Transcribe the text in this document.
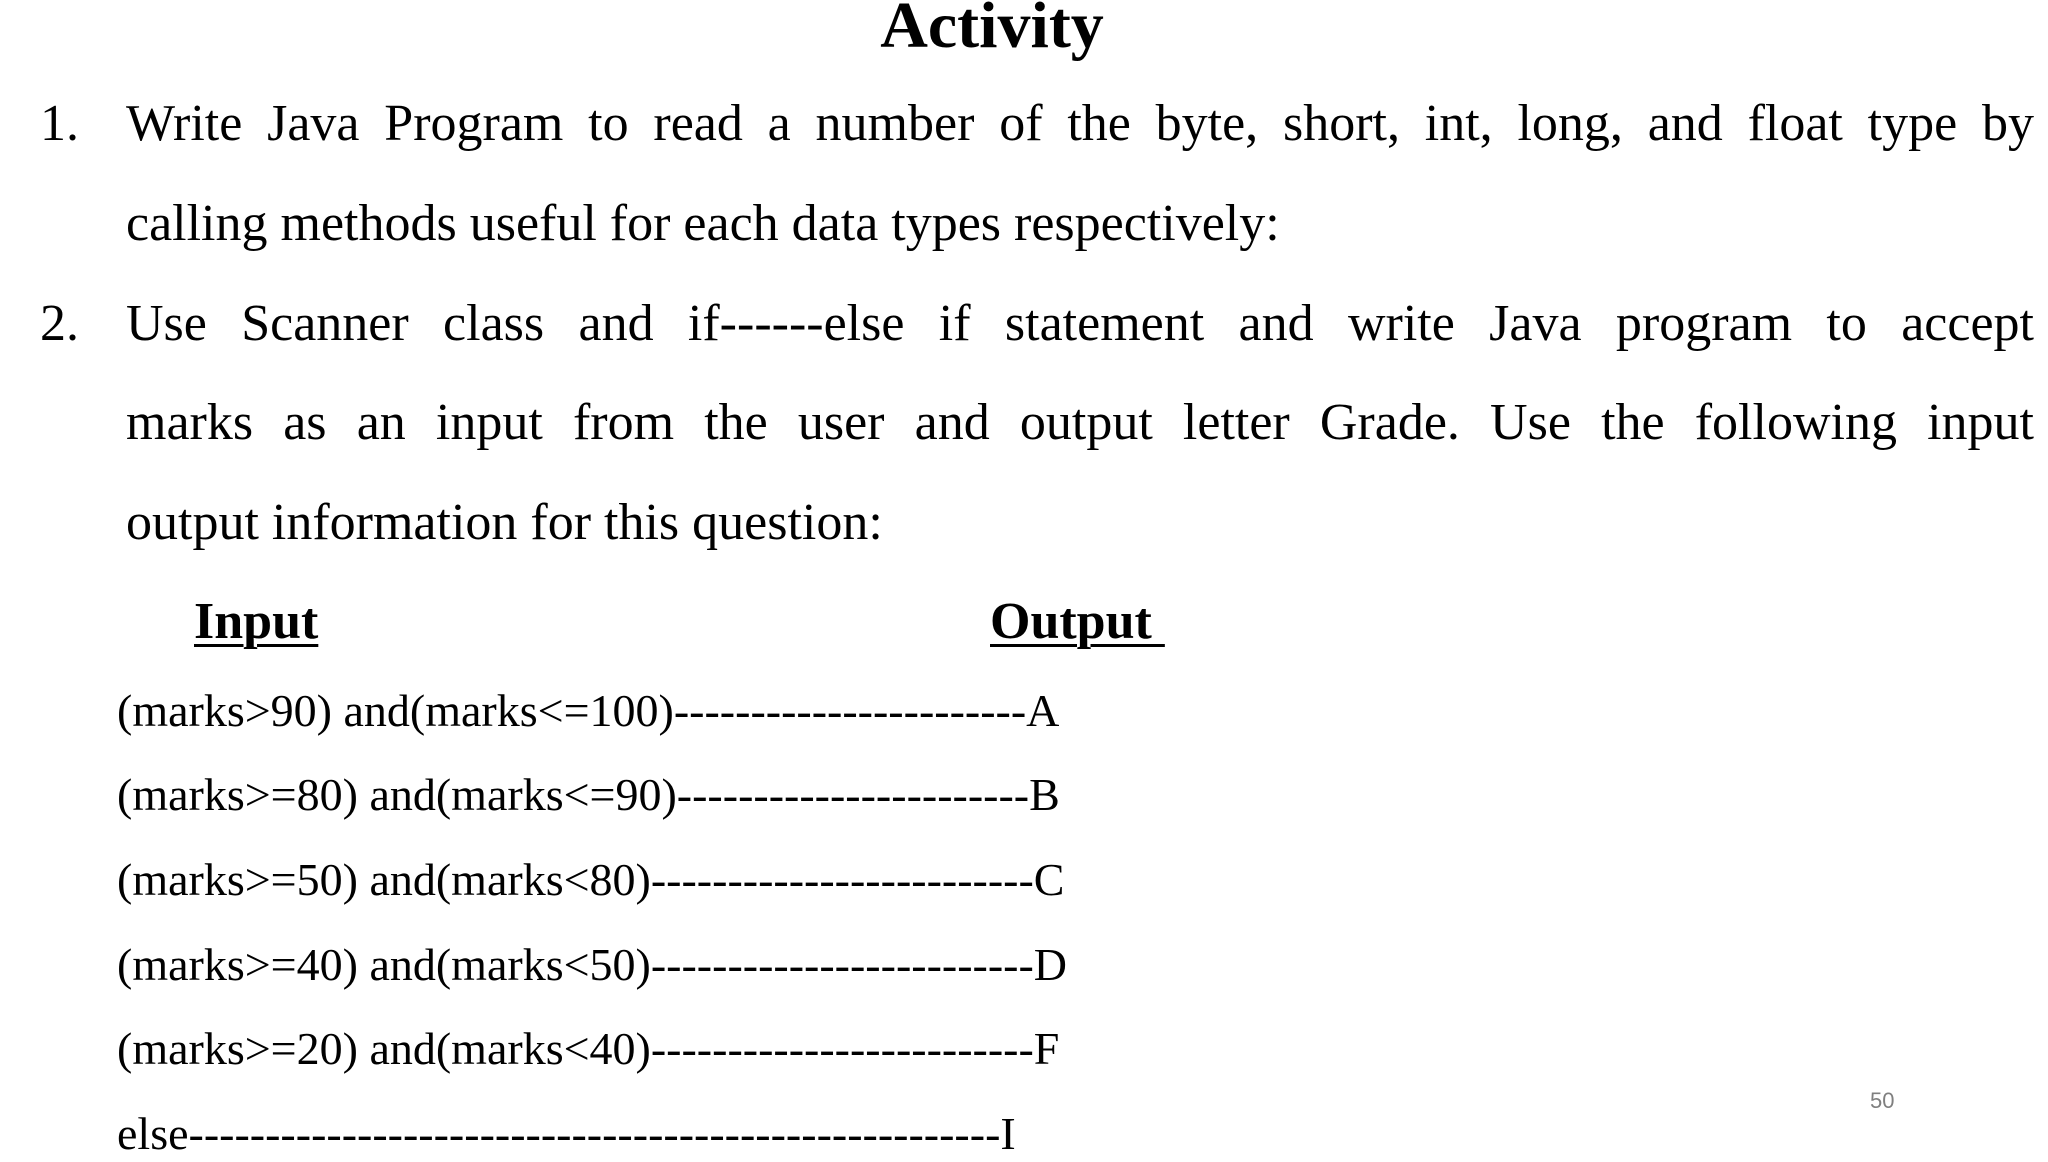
Activity
1. Write Java Program to read a number of the byte, short, int, long, and float type by
calling methods useful for each data types respectively:
2. Use Scanner class and if------else if statement and write Java program to accept
marks as an input from the user and output letter Grade. Use the following input
output information for this question:
Input	Output
(marks>90) and(marks<=100)-----------------------A
(marks>=80) and(marks<=90)-----------------------B
(marks>=50) and(marks<80)-------------------------C
(marks>=40) and(marks<50)-------------------------D
(marks>=20) and(marks<40)-------------------------F
else-----------------------------------------------------I
50
